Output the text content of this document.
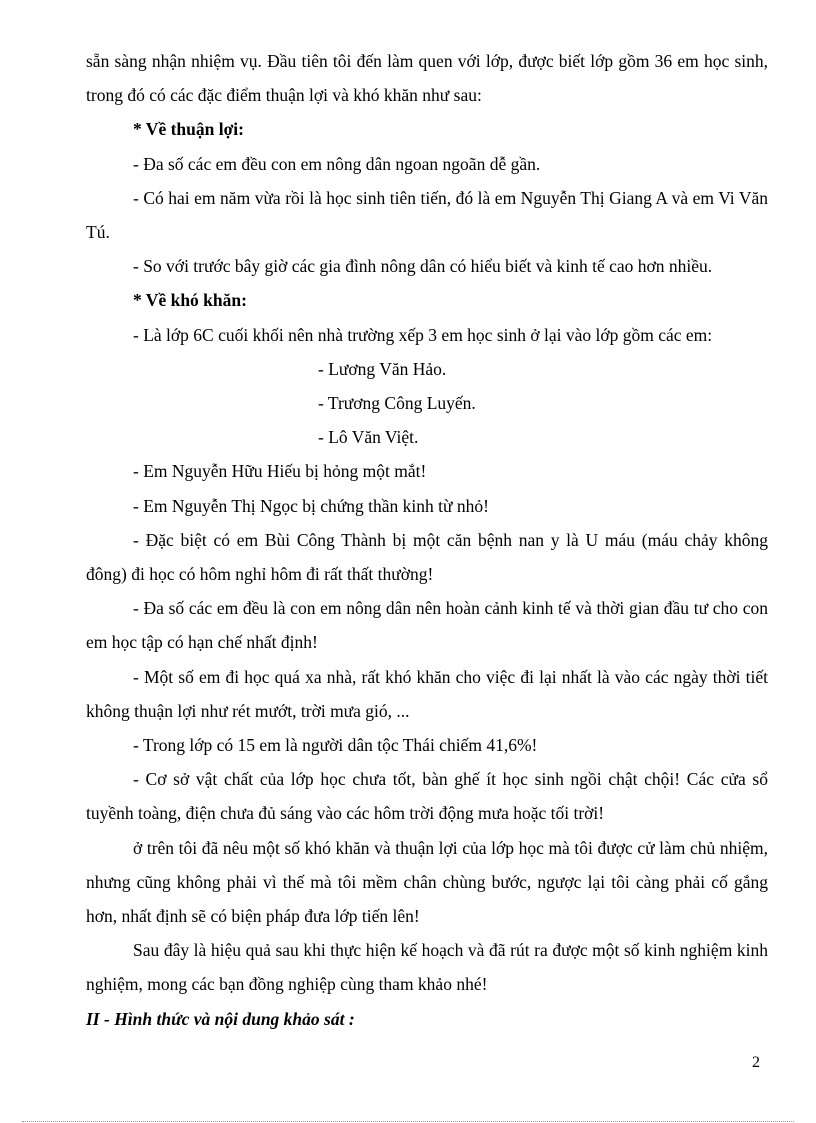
sẵn sàng nhận nhiệm vụ. Đầu tiên tôi đến làm quen với lớp, được biết lớp gồm 36 em học sinh, trong đó có các đặc điểm thuận lợi và khó khăn như sau:

* Về thuận lợi:

- Đa số các em đều con em nông dân ngoan ngoãn dễ gần.

- Có hai em năm vừa rồi là học sinh tiên tiến, đó là em Nguyễn Thị Giang A và em Vi Văn Tú.

- So với trước bây giờ các gia đình nông dân có hiểu biết và kinh tế cao hơn nhiều.

* Về khó khăn:

- Là lớp 6C cuối khối nên nhà trường xếp 3 em học sinh ở lại vào lớp gồm các em:

- Lương Văn Hảo.

- Trương Công Luyến.

- Lô Văn Việt.

- Em Nguyễn Hữu Hiếu bị hỏng một mắt!

- Em Nguyễn Thị Ngọc bị chứng thần kinh từ nhỏ!

- Đặc biệt có em Bùi Công Thành bị một căn bệnh nan y là U máu (máu chảy không đông) đi học có hôm nghỉ hôm đi rất thất thường!

- Đa số các em đều là con em nông dân nên hoàn cảnh kinh tế và thời gian đầu tư cho con em học tập có hạn chế nhất định!

- Một số em đi học quá xa nhà, rất khó khăn cho việc đi lại nhất là vào các ngày thời tiết không thuận lợi như rét mướt, trời mưa gió, ...

- Trong lớp có 15 em là người dân tộc Thái chiếm 41,6%!

- Cơ sở vật chất của lớp học chưa tốt, bàn ghế ít học sinh ngồi chật chội! Các cửa sổ tuyềnh toàng, điện chưa đủ sáng vào các hôm trời động mưa hoặc tối trời!

ở trên tôi đã nêu một số khó khăn và thuận lợi của lớp học mà tôi được cử làm chủ nhiệm, nhưng cũng không phải vì thế mà tôi mềm chân chùng bước, ngược lại tôi càng phải cố gắng hơn, nhất định sẽ có biện pháp đưa lớp tiến lên!

Sau đây là hiệu quả sau khi thực hiện kế hoạch và đã rút ra được một số kinh nghiệm kinh nghiệm, mong các bạn đồng nghiệp cùng tham khảo nhé!

II - Hình thức và nội dung khảo sát :

2
